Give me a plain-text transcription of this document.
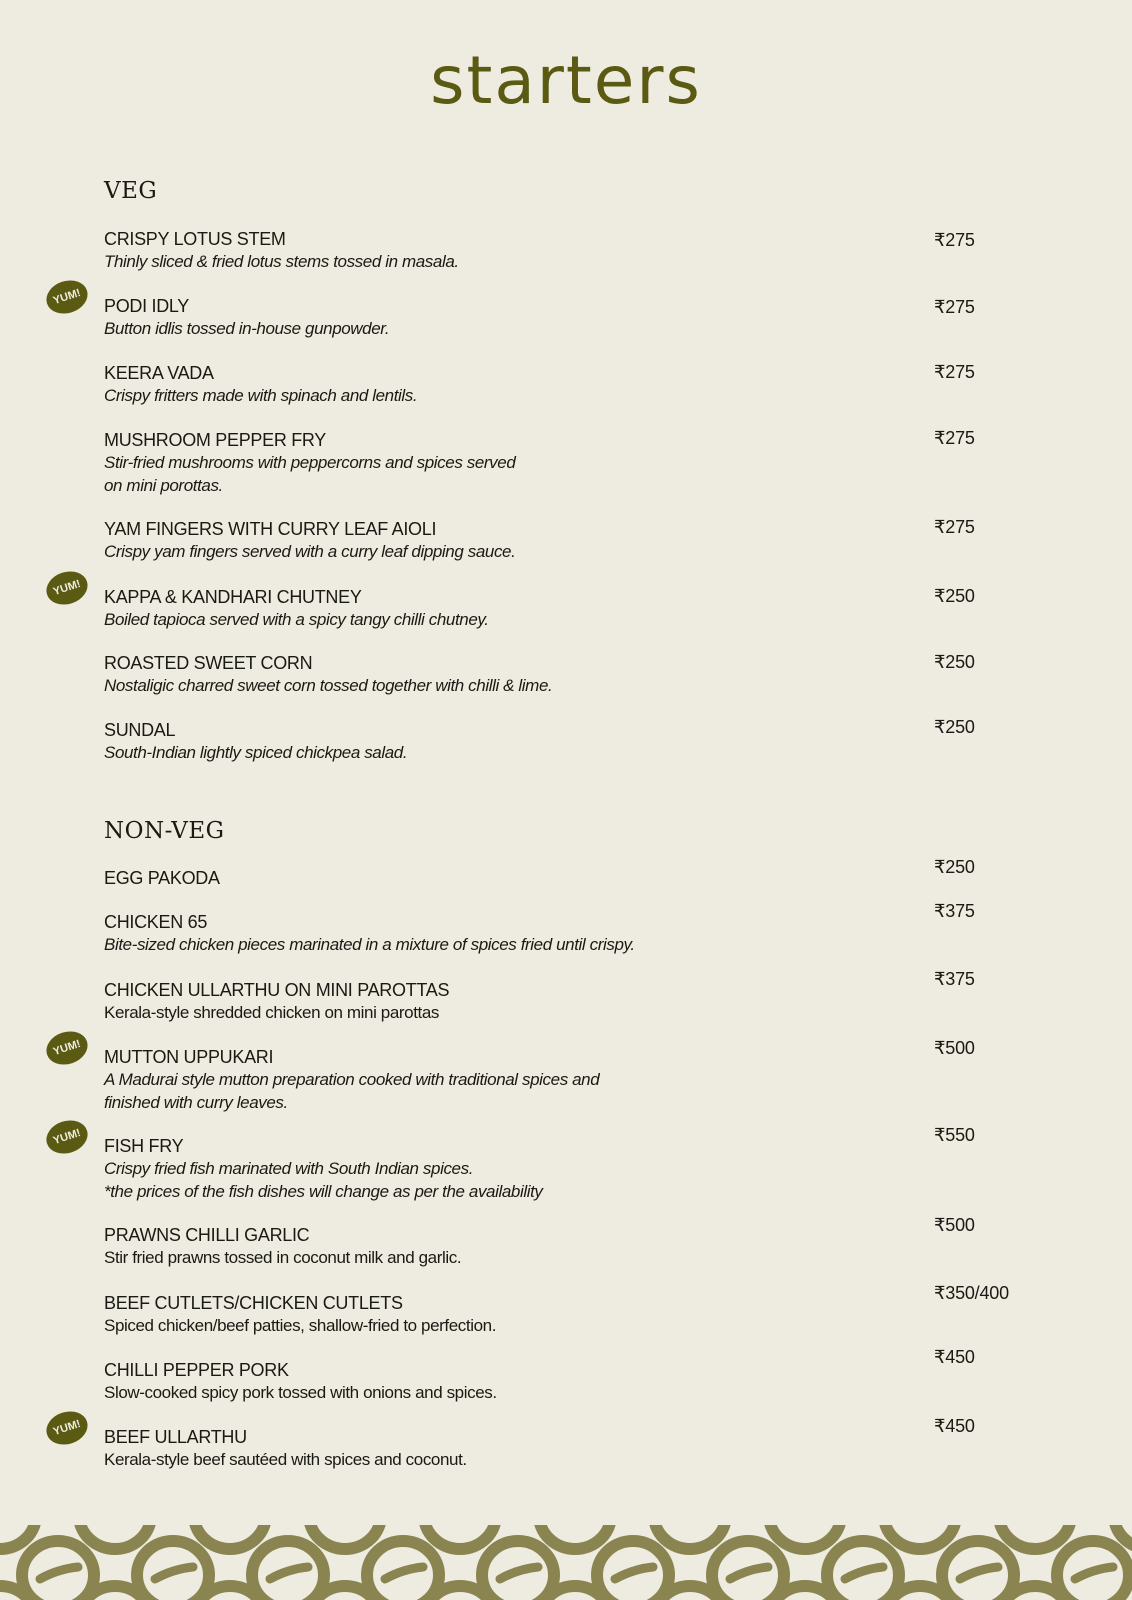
starters
VEG
CRISPY LOTUS STEM
Thinly sliced & fried lotus stems tossed in masala.
₹275
YUM!	PODI IDLY
Button idlis tossed in-house gunpowder.
₹275
KEERA VADA
Crispy fritters made with spinach and lentils.
₹275
MUSHROOM PEPPER FRY
Stir-fried mushrooms with peppercorns and spices served
on mini porottas.
₹275
YAM FINGERS WITH CURRY LEAF AIOLI
Crispy yam fingers served with a curry leaf dipping sauce.
₹275
YUM!	KAPPA & KANDHARI CHUTNEY
Boiled tapioca served with a spicy tangy chilli chutney.
₹250
ROASTED SWEET CORN
Nostaligic charred sweet corn tossed together with chilli & lime.
₹250
SUNDAL
South-Indian lightly spiced chickpea salad.
₹250
NON-VEG
EGG PAKODA
₹250
CHICKEN 65
Bite-sized chicken pieces marinated in a mixture of spices fried until crispy.
₹375
CHICKEN ULLARTHU ON MINI PAROTTAS
Kerala-style shredded chicken on mini parottas
₹375
YUM!	MUTTON UPPUKARI
A Madurai style mutton preparation cooked with traditional spices and
finished with curry leaves.
₹500
YUM!	FISH FRY
Crispy fried fish marinated with South Indian spices.
*the prices of the fish dishes will change as per the availability
₹550
PRAWNS CHILLI GARLIC
Stir fried prawns tossed in coconut milk and garlic.
₹500
BEEF CUTLETS/CHICKEN CUTLETS
Spiced chicken/beef patties, shallow-fried to perfection.
₹350/400
CHILLI PEPPER PORK
Slow-cooked spicy pork tossed with onions and spices.
₹450
YUM!	BEEF ULLARTHU
Kerala-style beef sautéed with spices and coconut.
₹450
